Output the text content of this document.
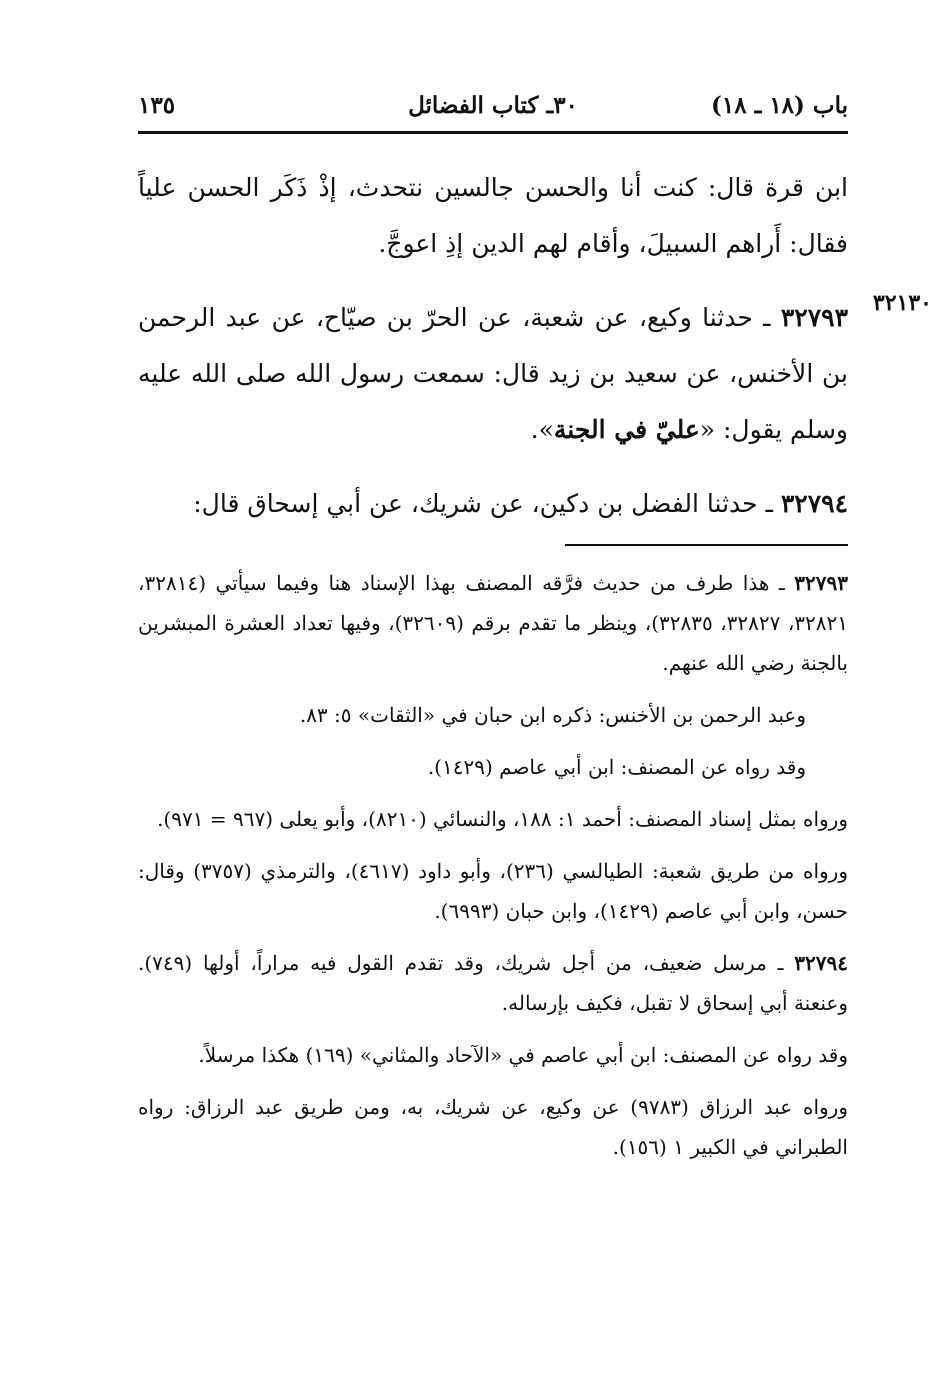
باب (١٨ ـ ١٨)
٣٠ـ كتاب الفضائل
١٣٥
٣٢١٣٠

ابن قرة قال: كنت أنا والحسن جالسين نتحدث، إذْ ذَكَر الحسن علياً فقال: أَراهم السبيلَ، وأقام لهم الدين إذِ اعوجَّ.

٣٢٧٩٣ ـ حدثنا وكيع، عن شعبة، عن الحرّ بن صيّاح، عن عبد الرحمن بن الأخنس، عن سعيد بن زيد قال: سمعت رسول الله صلى الله عليه وسلم يقول: «عليّ في الجنة».

٣٢٧٩٤ ـ حدثنا الفضل بن دكين، عن شريك، عن أبي إسحاق قال:

٣٢٧٩٣ ـ هذا طرف من حديث فرَّقه المصنف بهذا الإسناد هنا وفيما سيأتي (٣٢٨١٤، ٣٢٨٢١، ٣٢٨٢٧، ٣٢٨٣٥)، وينظر ما تقدم برقم (٣٢٦٠٩)، وفيها تعداد العشرة المبشرين بالجنة رضي الله عنهم.

وعبد الرحمن بن الأخنس: ذكره ابن حبان في «الثقات» ٥: ٨٣.

وقد رواه عن المصنف: ابن أبي عاصم (١٤٢٩).

ورواه بمثل إسناد المصنف: أحمد ١: ١٨٨، والنسائي (٨٢١٠)، وأبو يعلى (٩٦٧ = ٩٧١).

ورواه من طريق شعبة: الطيالسي (٢٣٦)، وأبو داود (٤٦١٧)، والترمذي (٣٧٥٧) وقال: حسن، وابن أبي عاصم (١٤٢٩)، وابن حبان (٦٩٩٣).

٣٢٧٩٤ ـ مرسل ضعيف، من أجل شريك، وقد تقدم القول فيه مراراً، أولها (٧٤٩). وعنعنة أبي إسحاق لا تقبل، فكيف بإرساله.

وقد رواه عن المصنف: ابن أبي عاصم في «الآحاد والمثاني» (١٦٩) هكذا مرسلاً.

ورواه عبد الرزاق (٩٧٨٣) عن وكيع، عن شريك، به، ومن طريق عبد الرزاق: رواه الطبراني في الكبير ١ (١٥٦).
